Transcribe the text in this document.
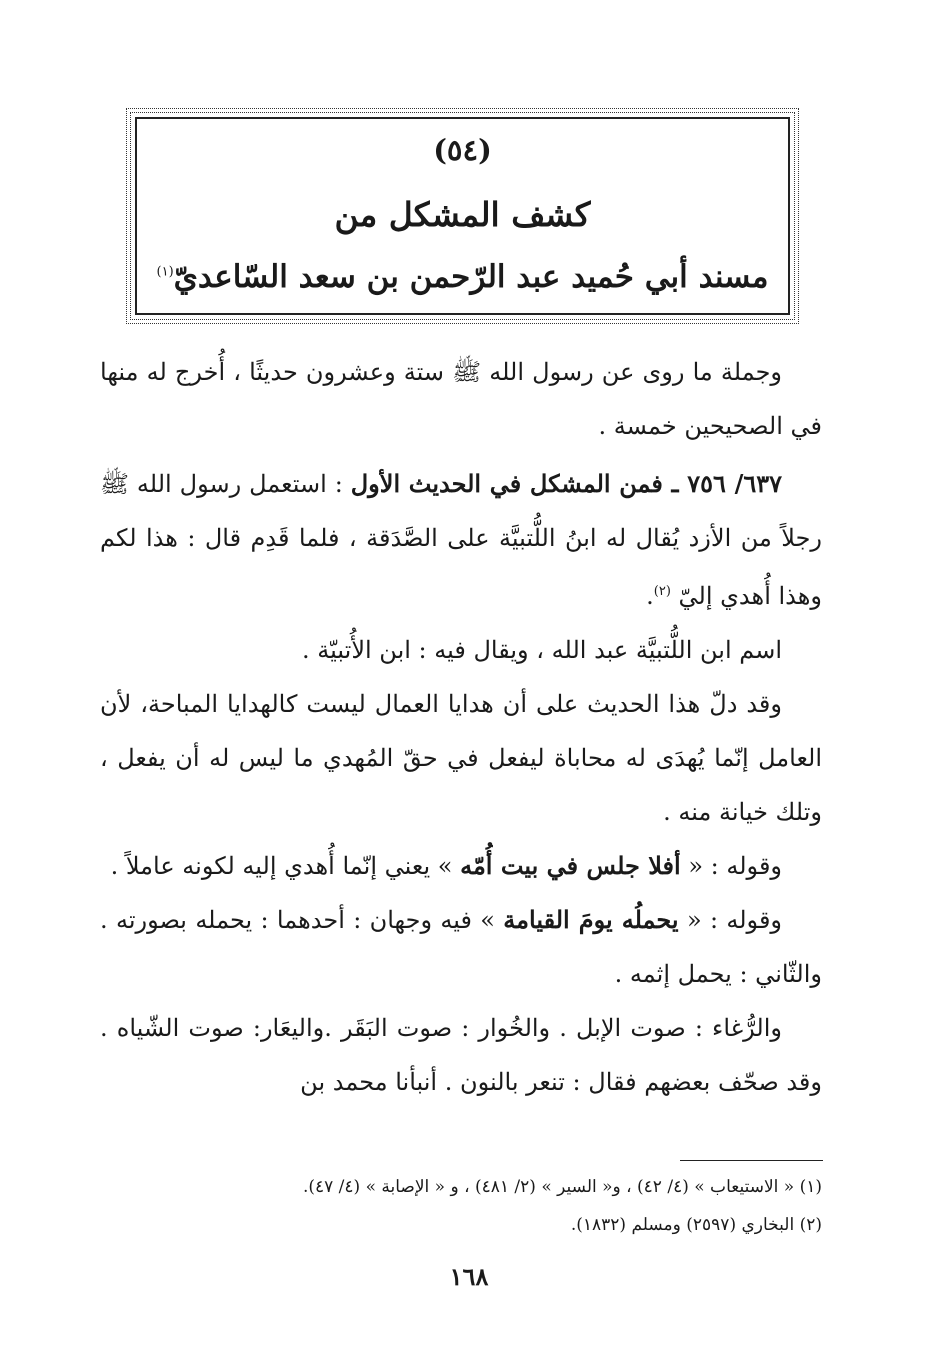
(٥٤)
كشف المشكل من
مسند أبي حُميد عبد الرّحمن بن سعد السّاعديّ$^{(١)}$

وجملة ما روى عن رسول الله ﷺ ستة وعشرون حديثًا ، أُخرج له منها في الصحيحين خمسة .

٦٣٧/ ٧٥٦ ـ فمن المشكل في الحديث الأول : استعمل رسول الله ﷺ رجلاً من الأزد يُقال له ابنُ اللُّتبيَّة على الصَّدَقة ، فلما قَدِم قال : هذا لكم وهذا أُهدي إليّ $^{(٢)}$.

اسم ابن اللُّتبيَّة عبد الله ، ويقال فيه : ابن الأُتبيّة .

وقد دلّ هذا الحديث على أن هدايا العمال ليست كالهدايا المباحة، لأن العامل إنّما يُهدَى له محاباة ليفعل في حقّ المُهدي ما ليس له أن يفعل ، وتلك خيانة منه .

وقوله : « أفلا جلس في بيت أُمّه » يعني إنّما أُهدي إليه لكونه عاملاً .

وقوله : « يحملُه يومَ القيامة » فيه وجهان : أحدهما : يحمله بصورته . والثّاني : يحمل إثمه .

والرُّغاء : صوت الإبل . والخُوار : صوت البَقَر .واليعَار: صوت الشّياه . وقد صحّف بعضهم فقال : تنعر بالنون . أنبأنا محمد بن

(١) « الاستيعاب » (٤/ ٤٢) ، و« السير » (٢/ ٤٨١) ، و « الإصابة » (٤/ ٤٧).
(٢) البخاري (٢٥٩٧) ومسلم (١٨٣٢).
١٦٨
